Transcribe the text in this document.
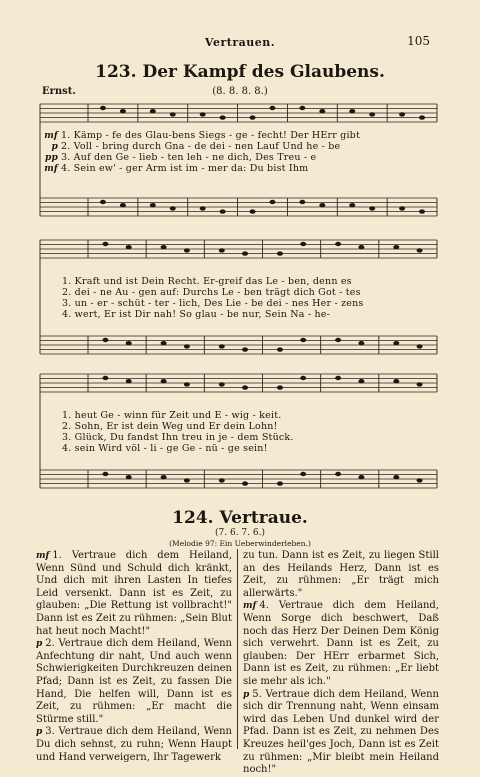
Vertrauen.	105
123. Der Kampf des Glaubens.
(8. 8. 8. 8.)
Ernst.
mf 1. Kämp - fe des Glau-bens Siegs - ge - fecht! Der HErr gibt
p 2. Voll - bring durch Gna - de dei - nen Lauf Und he - be
pp 3. Auf den Ge - lieb - ten leh - ne dich, Des Treu - e
mf 4. Sein ew' - ger Arm ist im - mer da: Du bist Ihm
1. Kraft und ist Dein Recht. Er-greif das Le - ben, denn es
2. dei - ne Au - gen auf: Durchs Le - ben trägt dich Got - tes
3. un - er - schüt - ter - lich, Des Lie - be dei - nes Her - zens
4. wert, Er ist Dir nah! So glau - be nur, Sein Na - he-
1. heut Ge - winn für Zeit und E - wig - keit.
2. Sohn, Er ist dein Weg und Er dein Lohn!
3. Glück, Du fandst Ihn treu in je - dem Stück.
4. sein Wird völ - li - ge Ge - nü - ge sein!
124. Vertraue.
(7. 6. 7. 6.)
(Melodie 97: Ein Ueberwinderleben.)

mf 1. Vertraue dich dem Heiland, Wenn Sünd und Schuld dich kränkt, Und dich mit ihren Lasten In tiefes Leid versenkt. Dann ist es Zeit, zu glauben: „Die Rettung ist vollbracht!" Dann ist es Zeit zu rühmen: „Sein Blut hat heut noch Macht!"

p 2. Vertraue dich dem Heiland, Wenn Anfechtung dir naht, Und auch wenn Schwierigkeiten Durchkreuzen deinen Pfad; Dann ist es Zeit, zu fassen Die Hand, Die helfen will, Dann ist es Zeit, zu rühmen: „Er macht die Stürme still."

p 3. Vertraue dich dem Heiland, Wenn Du dich sehnst, zu ruhn; Wenn Haupt und Hand verweigern, Ihr Tagewerk

zu tun. Dann ist es Zeit, zu liegen Still an des Heilands Herz, Dann ist es Zeit, zu rühmen: „Er trägt mich allerwärts."

mf 4. Vertraue dich dem Heiland, Wenn Sorge dich beschwert, Daß noch das Herz Der Deinen Dem König sich verwehrt. Dann ist es Zeit, zu glauben: Der HErr erbarmet Sich, Dann ist es Zeit, zu rühmen: „Er liebt sie mehr als ich."

p 5. Vertraue dich dem Heiland, Wenn sich dir Trennung naht, Wenn einsam wird das Leben Und dunkel wird der Pfad. Dann ist es Zeit, zu nehmen Des Kreuzes heil'ges Joch, Dann ist es Zeit zu rühmen: „Mir bleibt mein Heiland noch!"
